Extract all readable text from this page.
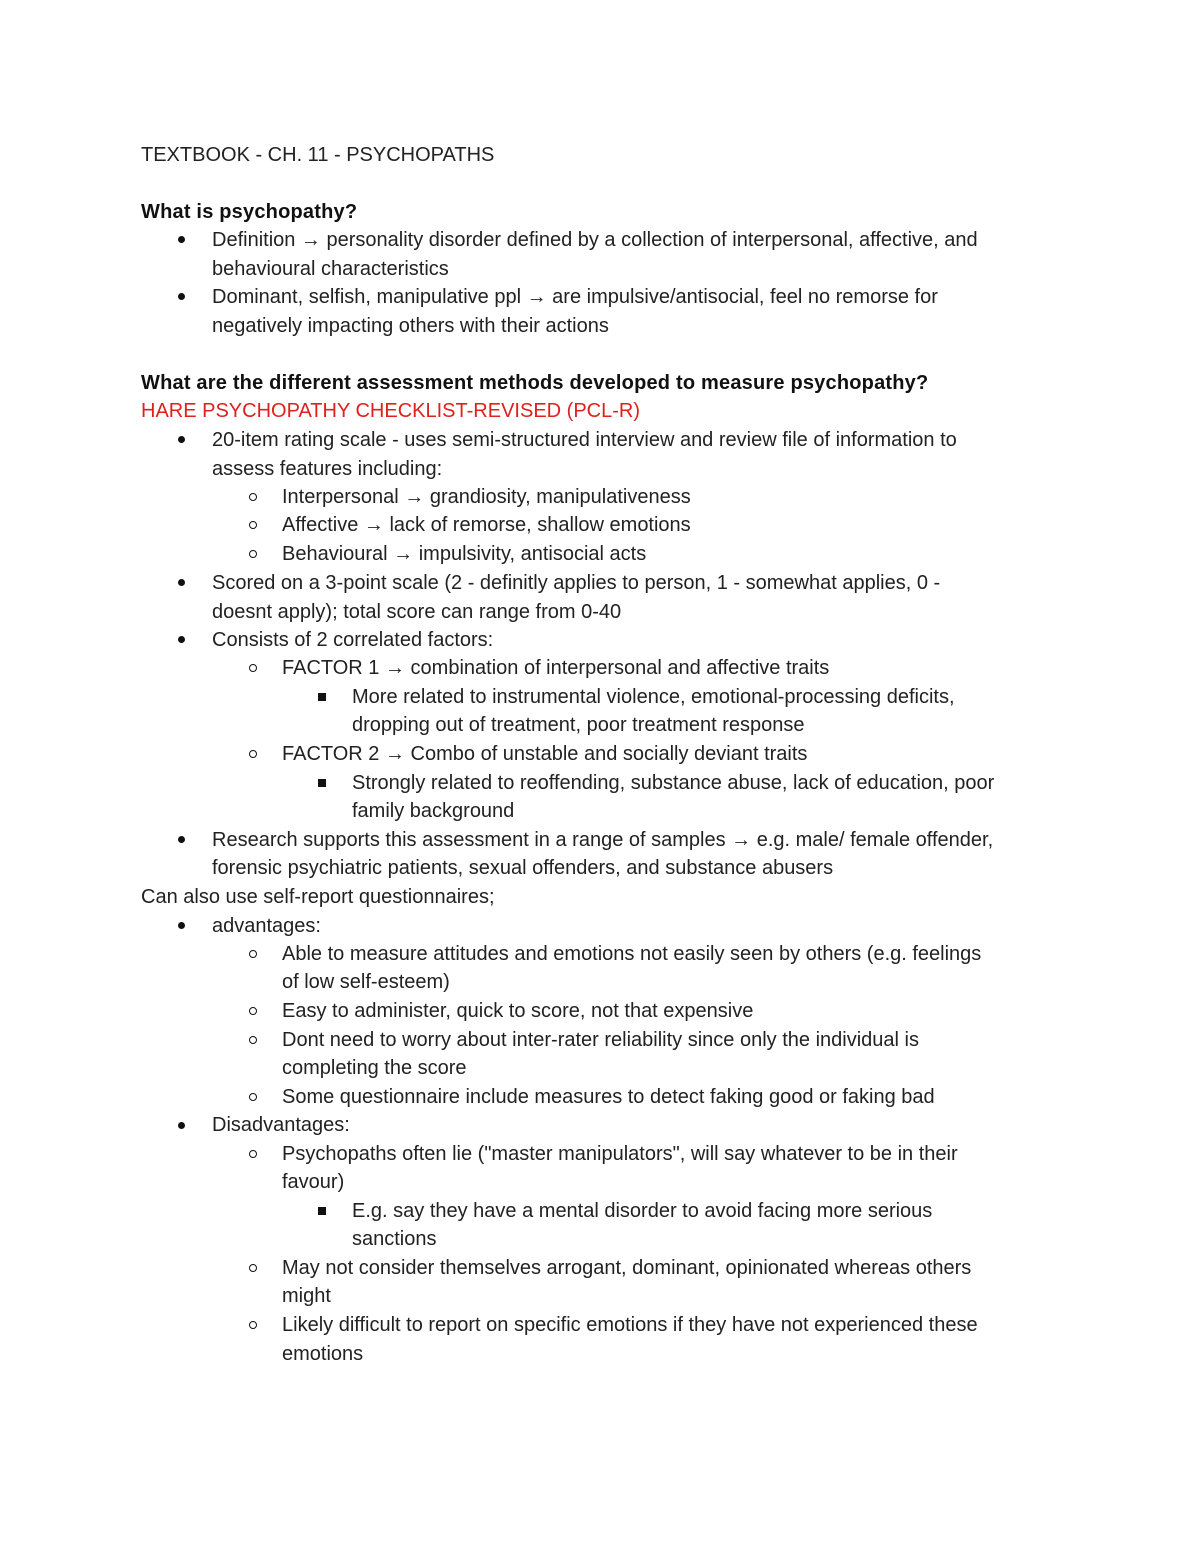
TEXTBOOK - CH. 11 - PSYCHOPATHS

What is psychopathy?

Definition → personality disorder defined by a collection of interpersonal, affective, and

behavioural characteristics

Dominant, selfish, manipulative ppl → are impulsive/antisocial, feel no remorse for

negatively impacting others with their actions

What are the different assessment methods developed to measure psychopathy?

HARE PSYCHOPATHY CHECKLIST-REVISED (PCL-R)

20-item rating scale - uses semi-structured interview and review file of information to

assess features including:

Interpersonal → grandiosity, manipulativeness

Affective → lack of remorse, shallow emotions

Behavioural → impulsivity, antisocial acts

Scored on a 3-point scale (2 - definitly applies to person, 1 - somewhat applies, 0 -

doesnt apply); total score can range from 0-40

Consists of 2 correlated factors:

FACTOR 1 → combination of interpersonal and affective traits

More related to instrumental violence, emotional-processing deficits,

dropping out of treatment, poor treatment response

FACTOR 2 → Combo of unstable and socially deviant traits

Strongly related to reoffending, substance abuse, lack of education, poor

family background

Research supports this assessment in a range of samples → e.g. male/ female offender,

forensic psychiatric patients, sexual offenders, and substance abusers

Can also use self-report questionnaires;

advantages:

Able to measure attitudes and emotions not easily seen by others (e.g. feelings

of low self-esteem)

Easy to administer, quick to score, not that expensive

Dont need to worry about inter-rater reliability since only the individual is

completing the score

Some questionnaire include measures to detect faking good or faking bad

Disadvantages:

Psychopaths often lie ("master manipulators", will say whatever to be in their

favour)

E.g. say they have a mental disorder to avoid facing more serious

sanctions

May not consider themselves arrogant, dominant, opinionated whereas others

might

Likely difficult to report on specific emotions if they have not experienced these

emotions
